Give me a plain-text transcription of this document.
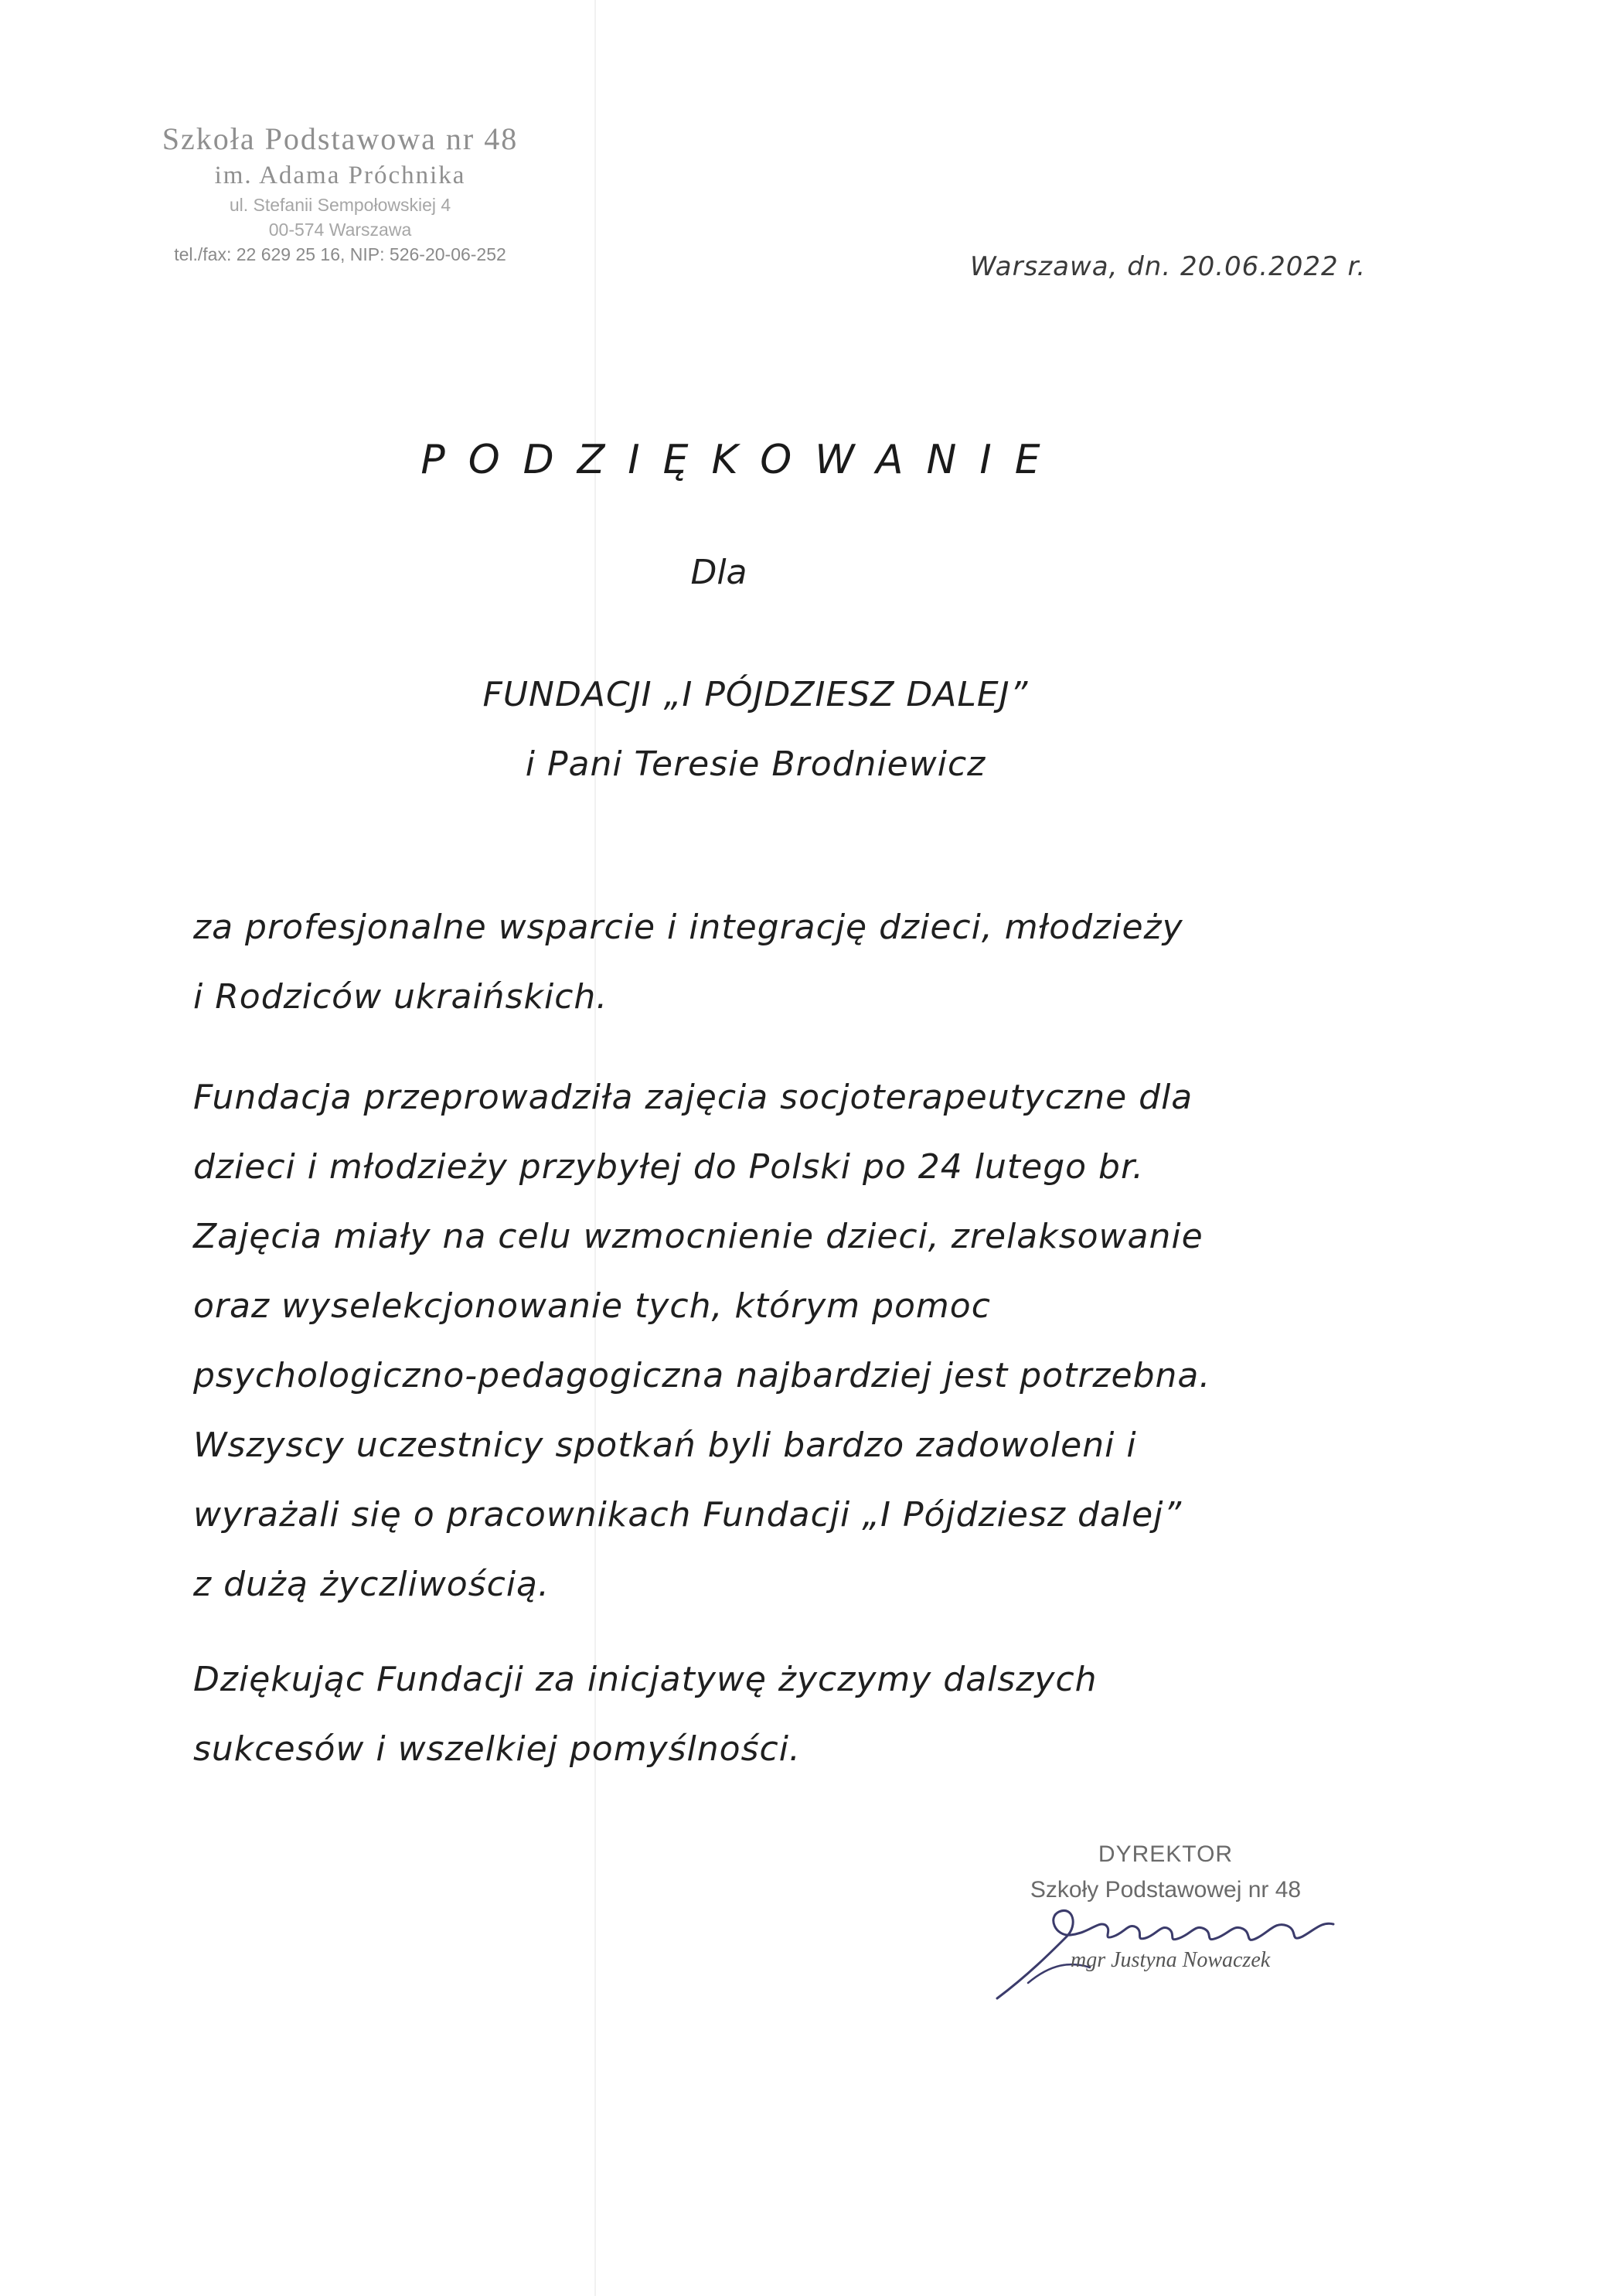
Szkoła Podstawowa nr 48
im. Adama Próchnika
ul. Stefanii Sempołowskiej 4
00-574 Warszawa
tel./fax: 22 629 25 16, NIP: 526-20-06-252	Warszawa, dn. 20.06.2022 r.
PODZIĘKOWANIE
Dla
FUNDACJI „I PÓJDZIESZ DALEJ”
i Pani Teresie Brodniewicz

za profesjonalne wsparcie i integrację dzieci, młodzieży
i Rodziców ukraińskich.

Fundacja przeprowadziła zajęcia socjoterapeutyczne dla
dzieci i młodzieży przybyłej do Polski po 24 lutego br.
Zajęcia miały na celu wzmocnienie dzieci, zrelaksowanie
oraz wyselekcjonowanie tych, którym pomoc
psychologiczno-pedagogiczna najbardziej jest potrzebna.
Wszyscy uczestnicy spotkań byli bardzo zadowoleni i
wyrażali się o pracownikach Fundacji „I Pójdziesz dalej”
z dużą życzliwością.

Dziękując Fundacji za inicjatywę życzymy dalszych
sukcesów i wszelkiej pomyślności.

DYREKTOR
Szkoły Podstawowej nr 48
mgr Justyna Nowaczek
